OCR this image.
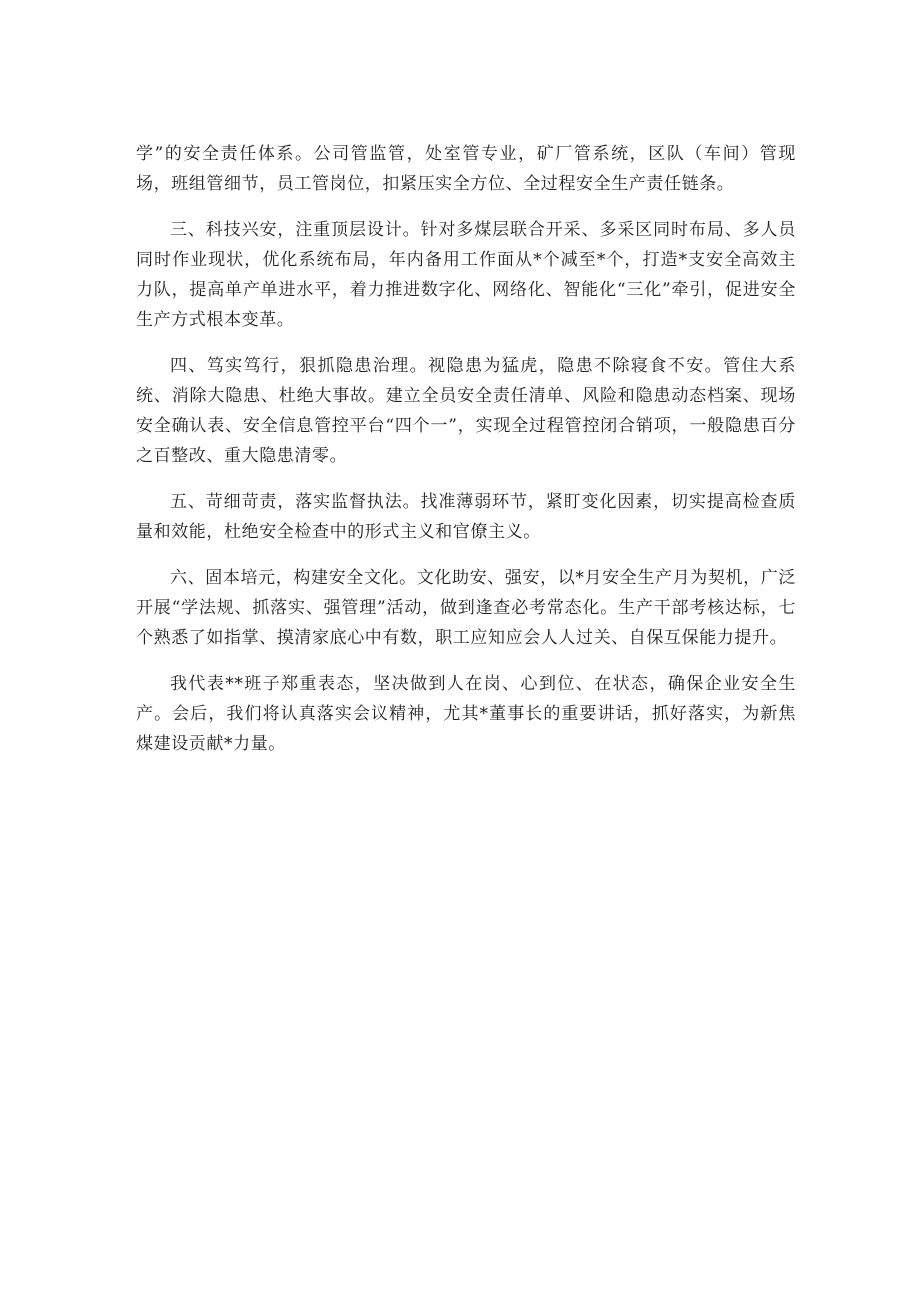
学”的安全责任体系。公司管监管，处室管专业，矿厂管系统，区队（车间）管现场，班组管细节，员工管岗位，扣紧压实全方位、全过程安全生产责任链条。

三、科技兴安，注重顶层设计。针对多煤层联合开采、多采区同时布局、多人员同时作业现状，优化系统布局，年内备用工作面从*个减至*个，打造*支安全高效主力队，提高单产单进水平，着力推进数字化、网络化、智能化“三化”牵引，促进安全生产方式根本变革。

四、笃实笃行，狠抓隐患治理。视隐患为猛虎，隐患不除寝食不安。管住大系统、消除大隐患、杜绝大事故。建立全员安全责任清单、风险和隐患动态档案、现场安全确认表、安全信息管控平台“四个一”，实现全过程管控闭合销项，一般隐患百分之百整改、重大隐患清零。

五、苛细苛责，落实监督执法。找准薄弱环节，紧盯变化因素，切实提高检查质量和效能，杜绝安全检查中的形式主义和官僚主义。

六、固本培元，构建安全文化。文化助安、强安，以*月安全生产月为契机，广泛开展“学法规、抓落实、强管理”活动，做到逢查必考常态化。生产干部考核达标，七个熟悉了如指掌、摸清家底心中有数，职工应知应会人人过关、自保互保能力提升。

我代表**班子郑重表态，坚决做到人在岗、心到位、在状态，确保企业安全生产。会后，我们将认真落实会议精神，尤其*董事长的重要讲话，抓好落实，为新焦煤建设贡献*力量。
